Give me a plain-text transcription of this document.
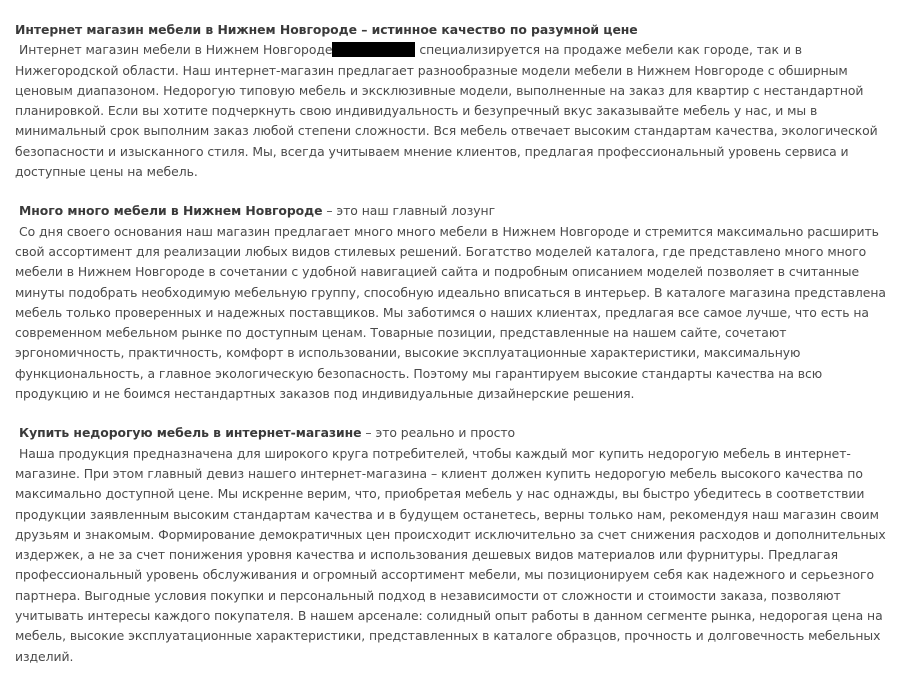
Интернет магазин мебели в Нижнем Новгороде – истинное качество по разумной цене

Интернет магазин мебели в Нижнем Новгороде	специализируется на продаже мебели как городе, так и в Нижегородской области. Наш интернет-магазин предлагает разнообразные модели мебели в Нижнем Новгороде с обширным ценовым диапазоном. Недорогую типовую мебель и эксклюзивные модели, выполненные на заказ для квартир с нестандартной планировкой. Если вы хотите подчеркнуть свою индивидуальность и безупречный вкус заказывайте мебель у нас, и мы в минимальный срок выполним заказ любой степени сложности. Вся мебель отвечает высоким стандартам качества, экологической безопасности и изысканного стиля. Мы, всегда учитываем мнение клиентов, предлагая профессиональный уровень сервиса и доступные цены на мебель.

Много много мебели в Нижнем Новгороде – это наш главный лозунг

Со дня своего основания наш магазин предлагает много много мебели в Нижнем Новгороде и стремится максимально расширить свой ассортимент для реализации любых видов стилевых решений. Богатство моделей каталога, где представлено много много мебели в Нижнем Новгороде в сочетании с удобной навигацией сайта и подробным описанием моделей позволяет в считанные минуты подобрать необходимую мебельную группу, способную идеально вписаться в интерьер. В каталоге магазина представлена мебель только проверенных и надежных поставщиков. Мы заботимся о наших клиентах, предлагая все самое лучше, что есть на современном мебельном рынке по доступным ценам. Товарные позиции, представленные на нашем сайте, сочетают эргономичность, практичность, комфорт в использовании, высокие эксплуатационные характеристики, максимальную функциональность, а главное экологическую безопасность. Поэтому мы гарантируем высокие стандарты качества на всю продукцию и не боимся нестандартных заказов под индивидуальные дизайнерские решения.

Купить недорогую мебель в интернет-магазине – это реально и просто

Наша продукция предназначена для широкого круга потребителей, чтобы каждый мог купить недорогую мебель в интернет-магазине. При этом главный девиз нашего интернет-магазина – клиент должен купить недорогую мебель высокого качества по максимально доступной цене. Мы искренне верим, что, приобретая мебель у нас однажды, вы быстро убедитесь в соответствии продукции заявленным высоким стандартам качества и в будущем останетесь, верны только нам, рекомендуя наш магазин своим друзьям и знакомым. Формирование демократичных цен происходит исключительно за счет снижения расходов и дополнительных издержек, а не за счет понижения уровня качества и использования дешевых видов материалов или фурнитуры. Предлагая профессиональный уровень обслуживания и огромный ассортимент мебели, мы позиционируем себя как надежного и серьезного партнера. Выгодные условия покупки и персональный подход в независимости от сложности и стоимости заказа, позволяют учитывать интересы каждого покупателя. В нашем арсенале: солидный опыт работы в данном сегменте рынка, недорогая цена на мебель, высокие эксплуатационные характеристики, представленных в каталоге образцов, прочность и долговечность мебельных изделий.
